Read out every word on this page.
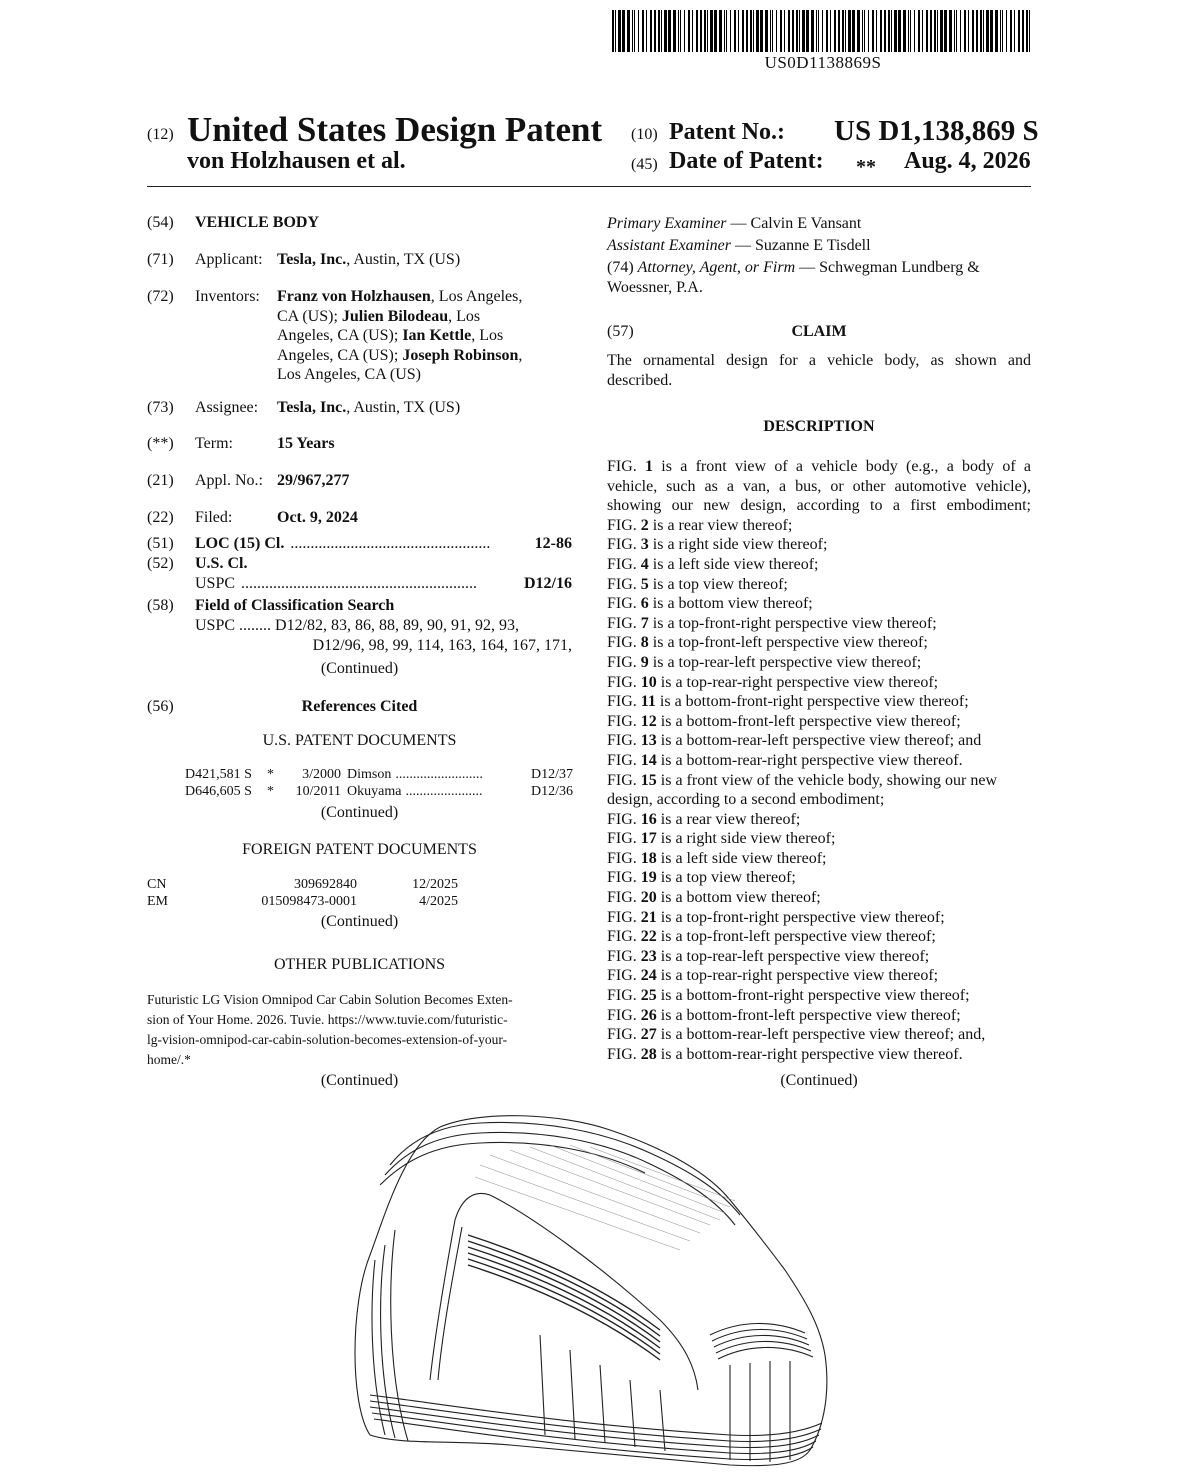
US0D1138869S
(12) United States Design Patent (10) Patent No.: US D1,138,869 S
von Holzhausen et al.	(45) Date of Patent: ** Aug. 4, 2026
(54) VEHICLE BODY
(71) Applicant: Tesla, Inc., Austin, TX (US)
(72) Inventors: Franz von Holzhausen, Los Angeles,
CA (US); Julien Bilodeau, Los
Angeles, CA (US); Ian Kettle, Los
Angeles, CA (US); Joseph Robinson,
Los Angeles, CA (US)
(73) Assignee: Tesla, Inc., Austin, TX (US)
(**) Term:	15 Years
(21) Appl. No.: 29/967,277
(22) Filed:	Oct. 9, 2024
(51) LOC (15) Cl. ..................................................	12-86
(52) U.S. Cl.
USPC ...........................................................	D12/16
(58) Field of Classification Search
USPC ........ D12/82, 83, 86, 88, 89, 90, 91, 92, 93,
D12/96, 98, 99, 114, 163, 164, 167, 171,
(Continued)
(56)	References Cited
U.S. PATENT DOCUMENTS
D421,581 S	*	3/2000 Dimson .........................	D12/37
D646,605 S	*	10/2011 Okuyama ......................	D12/36
(Continued)
FOREIGN PATENT DOCUMENTS
CN	309692840	12/2025
EM	015098473-0001	4/2025
(Continued)
OTHER PUBLICATIONS
Futuristic LG Vision Omnipod Car Cabin Solution Becomes Exten-
sion of Your Home. 2026. Tuvie. https://www.tuvie.com/futuristic-
lg-vision-omnipod-car-cabin-solution-becomes-extension-of-your-
home/.*
(Continued)
Primary Examiner — Calvin E Vansant
Assistant Examiner — Suzanne E Tisdell
(74) Attorney, Agent, or Firm — Schwegman Lundberg &
Woessner, P.A.
(57)	CLAIM
The ornamental design for a vehicle body, as shown and
described.
DESCRIPTION
FIG. 1 is a front view of a vehicle body (e.g., a body of a
vehicle, such as a van, a bus, or other automotive vehicle),
showing our new design, according to a first embodiment;
FIG. 2 is a rear view thereof;
FIG. 3 is a right side view thereof;
FIG. 4 is a left side view thereof;
FIG. 5 is a top view thereof;
FIG. 6 is a bottom view thereof;
FIG. 7 is a top-front-right perspective view thereof;
FIG. 8 is a top-front-left perspective view thereof;
FIG. 9 is a top-rear-left perspective view thereof;
FIG. 10 is a top-rear-right perspective view thereof;
FIG. 11 is a bottom-front-right perspective view thereof;
FIG. 12 is a bottom-front-left perspective view thereof;
FIG. 13 is a bottom-rear-left perspective view thereof; and
FIG. 14 is a bottom-rear-right perspective view thereof.
FIG. 15 is a front view of the vehicle body, showing our new
design, according to a second embodiment;
FIG. 16 is a rear view thereof;
FIG. 17 is a right side view thereof;
FIG. 18 is a left side view thereof;
FIG. 19 is a top view thereof;
FIG. 20 is a bottom view thereof;
FIG. 21 is a top-front-right perspective view thereof;
FIG. 22 is a top-front-left perspective view thereof;
FIG. 23 is a top-rear-left perspective view thereof;
FIG. 24 is a top-rear-right perspective view thereof;
FIG. 25 is a bottom-front-right perspective view thereof;
FIG. 26 is a bottom-front-left perspective view thereof;
FIG. 27 is a bottom-rear-left perspective view thereof; and,
FIG. 28 is a bottom-rear-right perspective view thereof.
(Continued)
